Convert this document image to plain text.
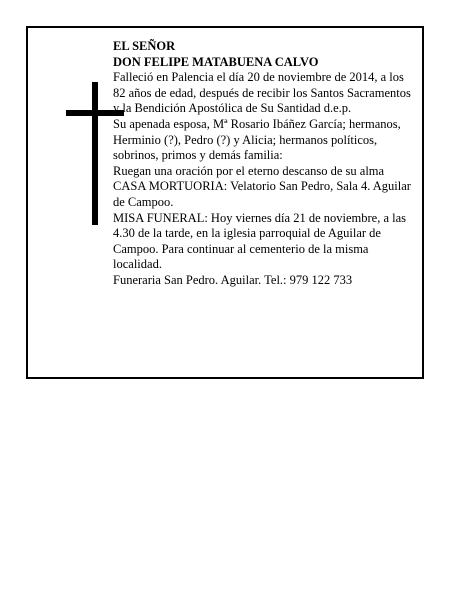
EL SEÑOR

DON FELIPE MATABUENA CALVO

Falleció en Palencia el día 20 de noviembre de 2014, a los 82 años de edad, después de recibir los Santos Sacramentos y la Bendición Apostólica de Su Santidad d.e.p.

Su apenada esposa, Mª Rosario Ibáñez García; hermanos, Herminio (?), Pedro (?) y Alicia; hermanos políticos, sobrinos, primos y demás familia:

Ruegan una oración por el eterno descanso de su alma

CASA MORTUORIA: Velatorio San Pedro, Sala 4. Aguilar de Campoo.

MISA FUNERAL: Hoy viernes día 21 de noviembre, a las 4.30 de la tarde, en la iglesia parroquial de Aguilar de Campoo. Para continuar al cementerio de la misma localidad.

Funeraria San Pedro. Aguilar. Tel.: 979 122 733
